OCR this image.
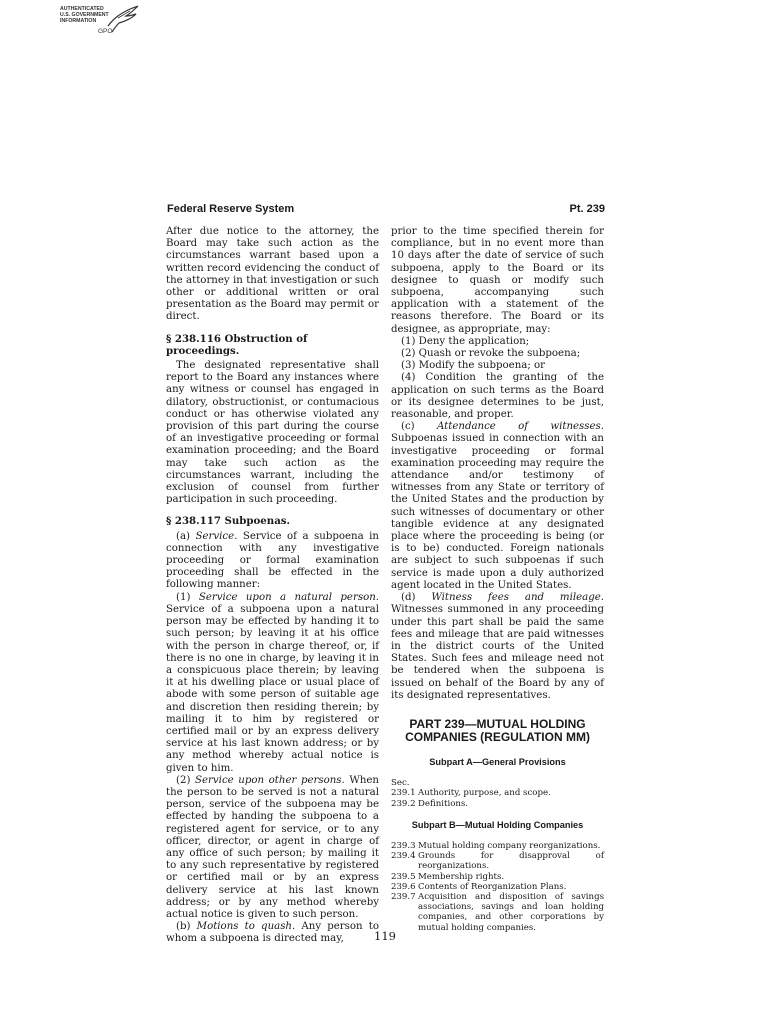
AUTHENTICATED
U.S. GOVERNMENT
INFORMATION
GPO
Federal Reserve System	Pt. 239

After due notice to the attorney, the Board may take such action as the circumstances warrant based upon a written record evidencing the conduct of the attorney in that investigation or such other or additional written or oral presentation as the Board may permit or direct.

§ 238.116 Obstruction of proceedings.

The designated representative shall report to the Board any instances where any witness or counsel has engaged in dilatory, obstructionist, or contumacious conduct or has otherwise violated any provision of this part during the course of an investigative proceeding or formal examination proceeding; and the Board may take such action as the circumstances warrant, including the exclusion of counsel from further participation in such proceeding.

§ 238.117 Subpoenas.

(a) Service. Service of a subpoena in connection with any investigative proceeding or formal examination proceeding shall be effected in the following manner:

(1) Service upon a natural person. Service of a subpoena upon a natural person may be effected by handing it to such person; by leaving it at his office with the person in charge thereof, or, if there is no one in charge, by leaving it in a conspicuous place therein; by leaving it at his dwelling place or usual place of abode with some person of suitable age and discretion then residing therein; by mailing it to him by registered or certified mail or by an express delivery service at his last known address; or by any method whereby actual notice is given to him.

(2) Service upon other persons. When the person to be served is not a natural person, service of the subpoena may be effected by handing the subpoena to a registered agent for service, or to any officer, director, or agent in charge of any office of such person; by mailing it to any such representative by registered or certified mail or by an express delivery service at his last known address; or by any method whereby actual notice is given to such person.

(b) Motions to quash. Any person to whom a subpoena is directed may,

prior to the time specified therein for compliance, but in no event more than 10 days after the date of service of such subpoena, apply to the Board or its designee to quash or modify such subpoena, accompanying such application with a statement of the reasons therefore. The Board or its designee, as appropriate, may:

(1) Deny the application;

(2) Quash or revoke the subpoena;

(3) Modify the subpoena; or

(4) Condition the granting of the application on such terms as the Board or its designee determines to be just, reasonable, and proper.

(c) Attendance of witnesses. Subpoenas issued in connection with an investigative proceeding or formal examination proceeding may require the attendance and/or testimony of witnesses from any State or territory of the United States and the production by such witnesses of documentary or other tangible evidence at any designated place where the proceeding is being (or is to be) conducted. Foreign nationals are subject to such subpoenas if such service is made upon a duly authorized agent located in the United States.

(d) Witness fees and mileage. Witnesses summoned in any proceeding under this part shall be paid the same fees and mileage that are paid witnesses in the district courts of the United States. Such fees and mileage need not be tendered when the subpoena is issued on behalf of the Board by any of its designated representatives.

PART 239—MUTUAL HOLDING
COMPANIES (REGULATION MM)
Subpart A—General Provisions
Sec.
239.1 Authority, purpose, and scope.
239.2 Definitions.
Subpart B—Mutual Holding Companies
239.3 Mutual holding company reorganizations.
239.4 Grounds for disapproval of reorganizations.
239.5 Membership rights.
239.6 Contents of Reorganization Plans.
239.7 Acquisition and disposition of savings associations, savings and loan holding companies, and other corporations by mutual holding companies.
119
